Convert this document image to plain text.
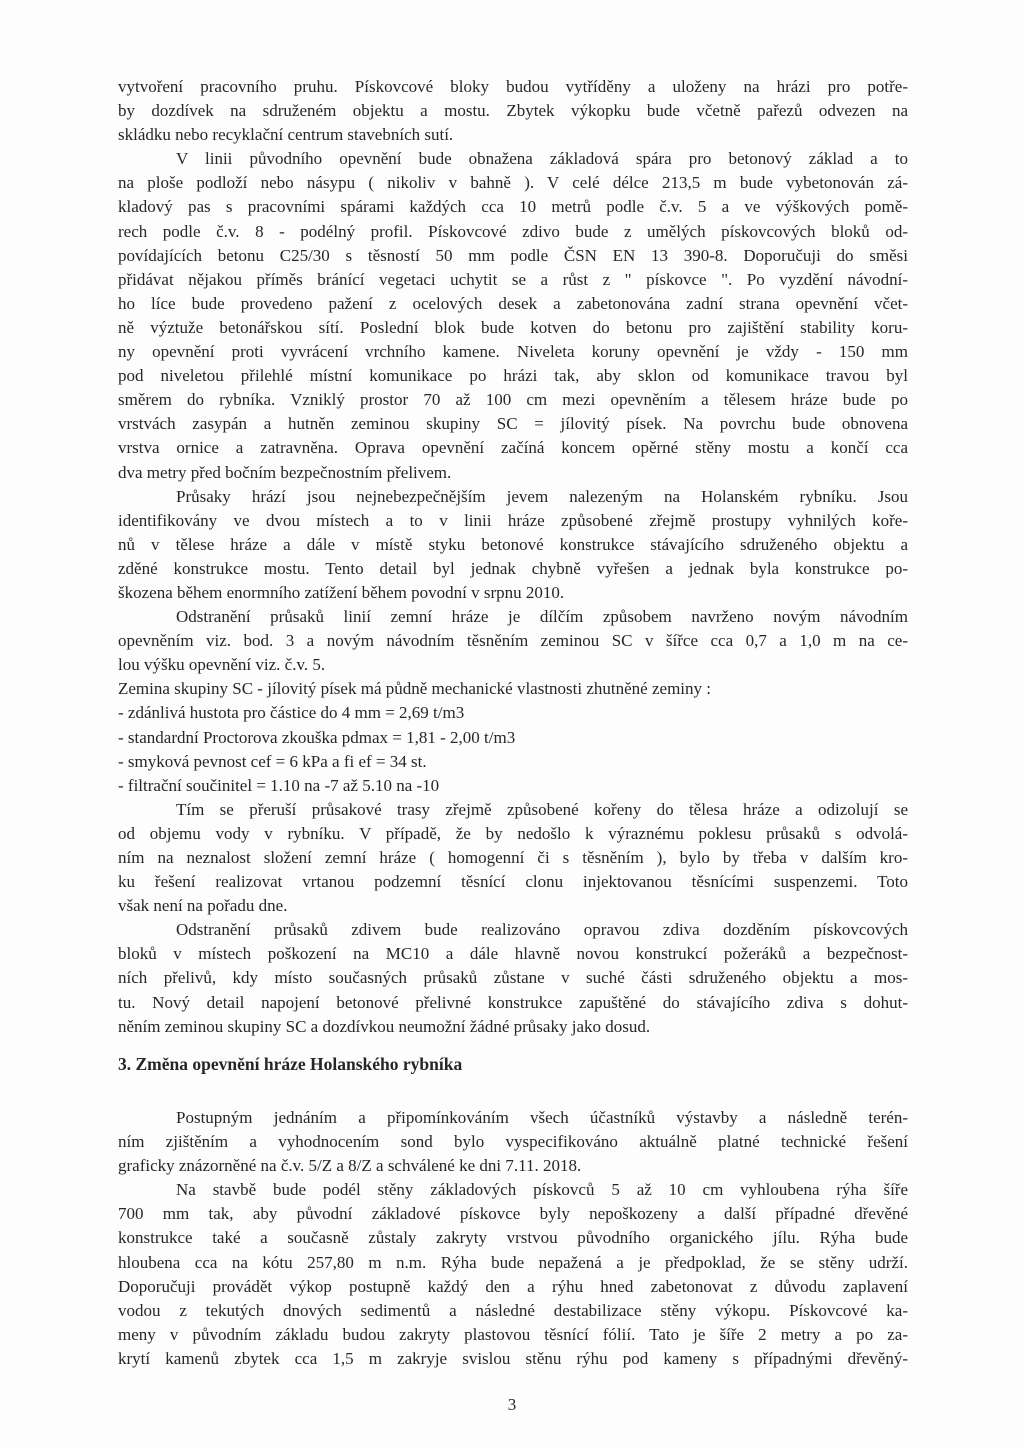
vytvoření pracovního pruhu. Pískovcové bloky budou vytříděny a uloženy na hrázi pro potře-
by dozdívek na sdruženém objektu a mostu. Zbytek výkopku bude včetně pařezů odvezen na
skládku nebo recyklační centrum stavebních sutí.
V linii původního opevnění bude obnažena základová spára pro betonový základ a to
na ploše podloží nebo násypu ( nikoliv v bahně ). V celé délce 213,5 m bude vybetonován zá-
kladový pas s pracovními spárami každých cca 10 metrů podle č.v. 5 a ve výškových pomě-
rech podle č.v. 8 - podélný profil. Pískovcové zdivo bude z umělých pískovcových bloků od-
povídajících betonu C25/30 s těsností 50 mm podle ČSN EN 13 390-8. Doporučuji do směsi
přidávat nějakou příměs bránící vegetaci uchytit se a růst z " pískovce ". Po vyzdění návodní-
ho líce bude provedeno pažení z ocelových desek a zabetonována zadní strana opevnění včet-
ně výztuže betonářskou sítí. Poslední blok bude kotven do betonu pro zajištění stability koru-
ny opevnění proti vyvrácení vrchního kamene. Niveleta koruny opevnění je vždy - 150 mm
pod niveletou přilehlé místní komunikace po hrázi tak, aby sklon od komunikace travou byl
směrem do rybníka. Vzniklý prostor 70 až 100 cm mezi opevněním a tělesem hráze bude po
vrstvách zasypán a hutněn zeminou skupiny SC = jílovitý písek. Na povrchu bude obnovena
vrstva ornice a zatravněna. Oprava opevnění začíná koncem opěrné stěny mostu a končí cca
dva metry před bočním bezpečnostním přelivem.
Průsaky hrází jsou nejnebezpečnějším jevem nalezeným na Holanském rybníku. Jsou
identifikovány ve dvou místech a to v linii hráze způsobené zřejmě prostupy vyhnilých koře-
nů v tělese hráze a dále v místě styku betonové konstrukce stávajícího sdruženého objektu a
zděné konstrukce mostu. Tento detail byl jednak chybně vyřešen a jednak byla konstrukce po-
škozena během enormního zatížení během povodní v srpnu 2010.
Odstranění průsaků linií zemní hráze je dílčím způsobem navrženo novým návodním
opevněním viz. bod. 3 a novým návodním těsněním zeminou SC v šířce cca 0,7 a 1,0 m na ce-
lou výšku opevnění viz. č.v. 5.
Zemina skupiny SC - jílovitý písek má půdně mechanické vlastnosti zhutněné zeminy :
- zdánlivá hustota pro částice do 4 mm = 2,69 t/m3
- standardní Proctorova zkouška pdmax = 1,81 - 2,00 t/m3
- smyková pevnost cef = 6 kPa a fi ef = 34 st.
- filtrační součinitel = 1.10 na -7 až 5.10 na -10
Tím se přeruší průsakové trasy zřejmě způsobené kořeny do tělesa hráze a odizolují se
od objemu vody v rybníku. V případě, že by nedošlo k výraznému poklesu průsaků s odvolá-
ním na neznalost složení zemní hráze ( homogenní či s těsněním ), bylo by třeba v dalším kro-
ku řešení realizovat vrtanou podzemní těsnící clonu injektovanou těsnícími suspenzemi. Toto
však není na pořadu dne.
Odstranění průsaků zdivem bude realizováno opravou zdiva dozděním pískovcových
bloků v místech poškození na MC10 a dále hlavně novou konstrukcí požeráků a bezpečnost-
ních přelivů, kdy místo současných průsaků zůstane v suché části sdruženého objektu a mos-
tu. Nový detail napojení betonové přelivné konstrukce zapuštěné do stávajícího zdiva s dohut-
něním zeminou skupiny SC a dozdívkou neumožní žádné průsaky jako dosud.
3. Změna opevnění hráze Holanského rybníka
Postupným jednáním a připomínkováním všech účastníků výstavby a následně terén-
ním zjištěním a vyhodnocením sond bylo vyspecifikováno aktuálně platné technické řešení
graficky znázorněné na č.v. 5/Z a 8/Z a schválené ke dni 7.11. 2018.
Na stavbě bude podél stěny základových pískovců 5 až 10 cm vyhloubena rýha šíře
700 mm tak, aby původní základové pískovce byly nepoškozeny a další případné dřevěné
konstrukce také a současně zůstaly zakryty vrstvou původního organického jílu. Rýha bude
hloubena cca na kótu 257,80 m n.m. Rýha bude nepažená a je předpoklad, že se stěny udrží.
Doporučuji provádět výkop postupně každý den a rýhu hned zabetonovat z důvodu zaplavení
vodou z tekutých dnových sedimentů a následné destabilizace stěny výkopu. Pískovcové ka-
meny v původním základu budou zakryty plastovou těsnící fólií. Tato je šíře 2 metry a po za-
krytí kamenů zbytek cca 1,5 m zakryje svislou stěnu rýhu pod kameny s případnými dřevěný-
3
